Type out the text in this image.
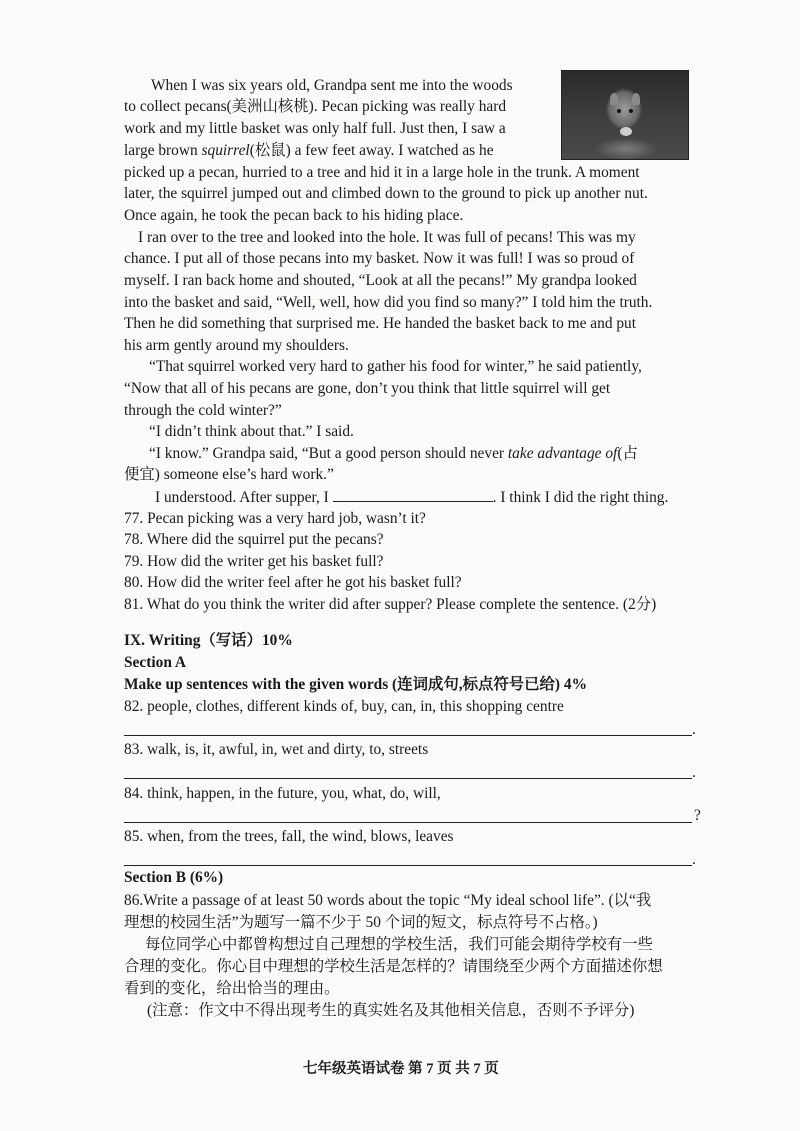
When I was six years old, Grandpa sent me into the woods
to collect pecans(美洲山核桃). Pecan picking was really hard
work and my little basket was only half full. Just then, I saw a
large brown squirrel(松鼠) a few feet away. I watched as he
picked up a pecan, hurried to a tree and hid it in a large hole in the trunk. A moment
later, the squirrel jumped out and climbed down to the ground to pick up another nut.
Once again, he took the pecan back to his hiding place.
I ran over to the tree and looked into the hole. It was full of pecans! This was my
chance. I put all of those pecans into my basket. Now it was full! I was so proud of
myself. I ran back home and shouted, “Look at all the pecans!” My grandpa looked
into the basket and said, “Well, well, how did you find so many?” I told him the truth.
Then he did something that surprised me. He handed the basket back to me and put
his arm gently around my shoulders.
“That squirrel worked very hard to gather his food for winter,” he said patiently,
“Now that all of his pecans are gone, don’t you think that little squirrel will get
through the cold winter?”
“I didn’t think about that.” I said.
“I know.” Grandpa said, “But a good person should never take advantage of(占
便宜) someone else’s hard work.”
I understood. After supper, I	. I think I did the right thing.
77. Pecan picking was a very hard job, wasn’t it?
78. Where did the squirrel put the pecans?
79. How did the writer get his basket full?
80. How did the writer feel after he got his basket full?
81. What do you think the writer did after supper? Please complete the sentence. (2分)
IX. Writing（写话）10%
Section A
Make up sentences with the given words (连词成句,标点符号已给) 4%
82. people, clothes, different kinds of, buy, can, in, this shopping centre
.
83. walk, is, it, awful, in, wet and dirty, to, streets
.
84. think, happen, in the future, you, what, do, will,
?
85. when, from the trees, fall, the wind, blows, leaves
.
Section B (6%)
86.Write a passage of at least 50 words about the topic “My ideal school life”. (以“我
理想的校园生活”为题写一篇不少于 50 个词的短文，标点符号不占格。)
每位同学心中都曾构想过自己理想的学校生活，我们可能会期待学校有一些
合理的变化。你心目中理想的学校生活是怎样的？请围绕至少两个方面描述你想
看到的变化，给出恰当的理由。
(注意：作文中不得出现考生的真实姓名及其他相关信息，否则不予评分)
七年级英语试卷 第 7 页 共 7 页
